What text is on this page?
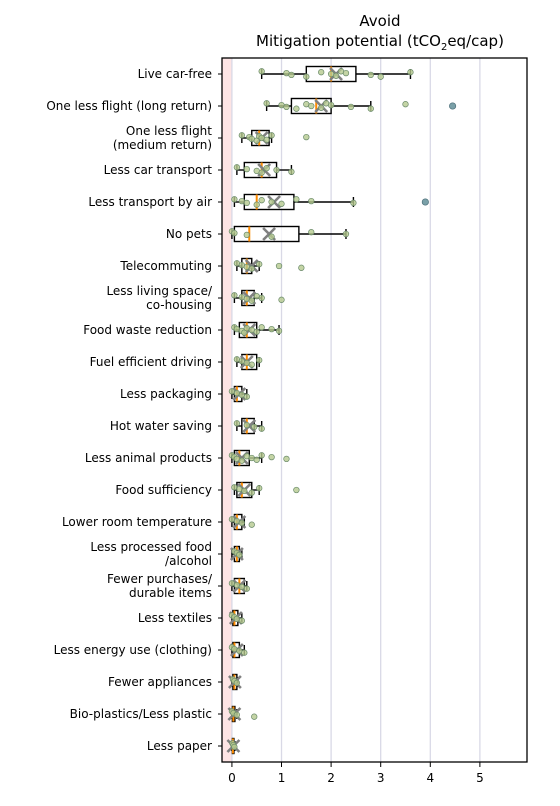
Avoid
Mitigation potential (tCO$_2$eq/cap)
Live car-free
One less flight (long return)
One less flight
(medium return)
Less car transport
Less transport by air
No pets
Telecommuting
Less living space/
co-housing
Food waste reduction
Fuel efficient driving
Less packaging
Hot water saving
Less animal products
Food sufficiency
Lower room temperature
Less processed food
/alcohol
Fewer purchases/
durable items
Less textiles
Less energy use (clothing)
Fewer appliances
Bio-plastics/Less plastic
Less paper
0	1	2	3	4	5
